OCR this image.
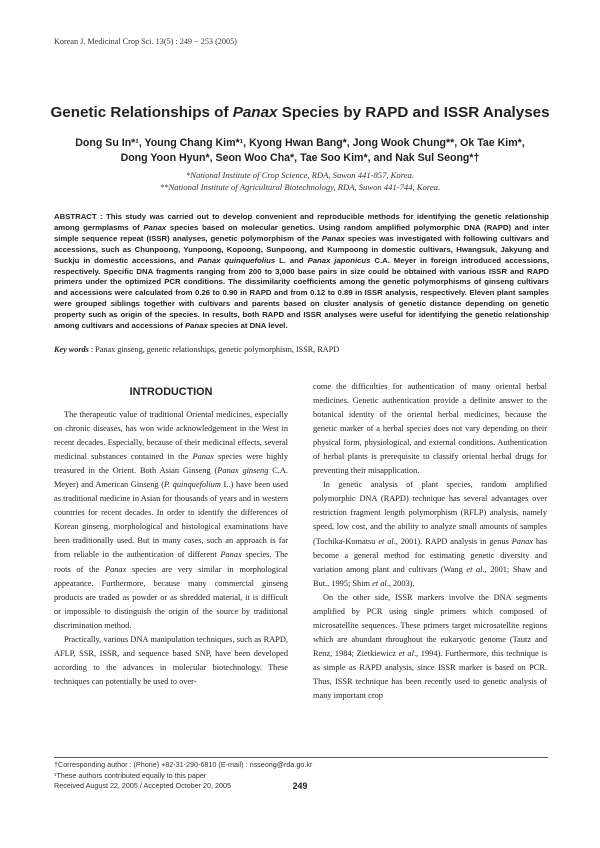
Korean J. Medicinal Crop Sci. 13(5) : 249 − 253 (2005)
Genetic Relationships of Panax Species by RAPD and ISSR Analyses
Dong Su In*¹, Young Chang Kim*¹, Kyong Hwan Bang*, Jong Wook Chung**, Ok Tae Kim*,
Dong Yoon Hyun*, Seon Woo Cha*, Tae Soo Kim*, and Nak Sul Seong*†
*National Institute of Crop Science, RDA, Suwon 441-857, Korea.
**National Institute of Agricultural Biotechnology, RDA, Suwon 441-744, Korea.
ABSTRACT : This study was carried out to develop convenient and reproducible methods for identifying the genetic relationship among germplasms of Panax species based on molecular genetics. Using random amplified polymorphic DNA (RAPD) and inter simple sequence repeat (ISSR) analyses, genetic polymorphism of the Panax species was investigated with following cultivars and accessions, such as Chunpoong, Yunpoong, Kopoong, Sunpoong, and Kumpoong in domestic cultivars, Hwangsuk, Jakyung and Suckju in domestic accessions, and Panax quinquefolius L. and Panax japonicus C.A. Meyer in foreign introduced accessions, respectively. Specific DNA fragments ranging from 200 to 3,000 base pairs in size could be obtained with various ISSR and RAPD primers under the optimized PCR conditions. The dissimilarity coefficients among the genetic polymorphisms of ginseng cultivars and accessions were calculated from 0.26 to 0.90 in RAPD and from 0.12 to 0.89 in ISSR analysis, respectively. Eleven plant samples were grouped siblings together with cultivars and parents based on cluster analysis of genetic distance depending on genetic property such as origin of the species. In results, both RAPD and ISSR analyses were useful for identifying the genetic relationship among cultivars and accessions of Panax species at DNA level.
Key words : Panax ginseng, genetic relationships, genetic polymorphism, ISSR, RAPD
INTRODUCTION

The therapeutic value of traditional Oriental medicines, especially on chronic diseases, has won wide acknowledgement in the West in recent decades. Especially, because of their medicinal effects, several medicinal substances contained in the Panax species were highly treasured in the Orient. Both Asian Ginseng (Panax ginseng C.A. Meyer) and American Ginseng (P. quinquefolium L.) have been used as traditional medicine in Asian for thousands of years and in western countries for recent decades. In order to identify the differences of Korean ginseng, morphological and histological examinations have been traditionally used. But in many cases, such an approach is far from reliable in the authentication of different Panax species. The roots of the Panax species are very similar in morphological appearance. Furthermore, because many commercial ginseng products are traded as powder or as shredded material, it is difficult or impossible to distinguish the origin of the source by traditional discrimination method.

Practically, various DNA manipulation techniques, such as RAPD, AFLP, SSR, ISSR, and sequence based SNP, have been developed according to the advances in molecular biotechnology. These techniques can potentially be used to over-

come the difficulties for authentication of many oriental herbal medicines. Genetic authentication provide a definite answer to the botanical identity of the oriental herbal medicines, because the genetic marker of a herbal species does not vary depending on their physical form, physiological, and external conditions. Authentication of herbal plants is prerequisite to classify oriental herbal drugs for preventing their misapplication.

In genetic analysis of plant species, random amplified polymorphic DNA (RAPD) technique has several advantages over restriction fragment length polymorphism (RFLP) analysis, namely speed, low cost, and the ability to analyze small amounts of samples (Tochika-Komatsu et al., 2001). RAPD analysis in genus Panax has become a general method for estimating genetic diversity and variation among plant and cultivars (Wang et al., 2001; Shaw and But., 1995; Shim et al., 2003).

On the other side, ISSR markers involve the DNA segments amplified by PCR using single primers which composed of microsatellite sequences. These primers target microsatellite regions which are abundant throughout the eukaryotic genome (Tautz and Renz, 1984; Zietkiewicz et al., 1994). Furthermore, this technique is as simple as RAPD analysis, since ISSR marker is based on PCR. Thus, ISSR technique has been recently used to genetic analysis of many important crop

†Corresponding author : (Phone) +82-31-290-6810 (E-mail) : nsseong@rda.go.kr
¹These authors contributed equally to this paper
Received August 22, 2005 / Accepted October 20, 2005	249
